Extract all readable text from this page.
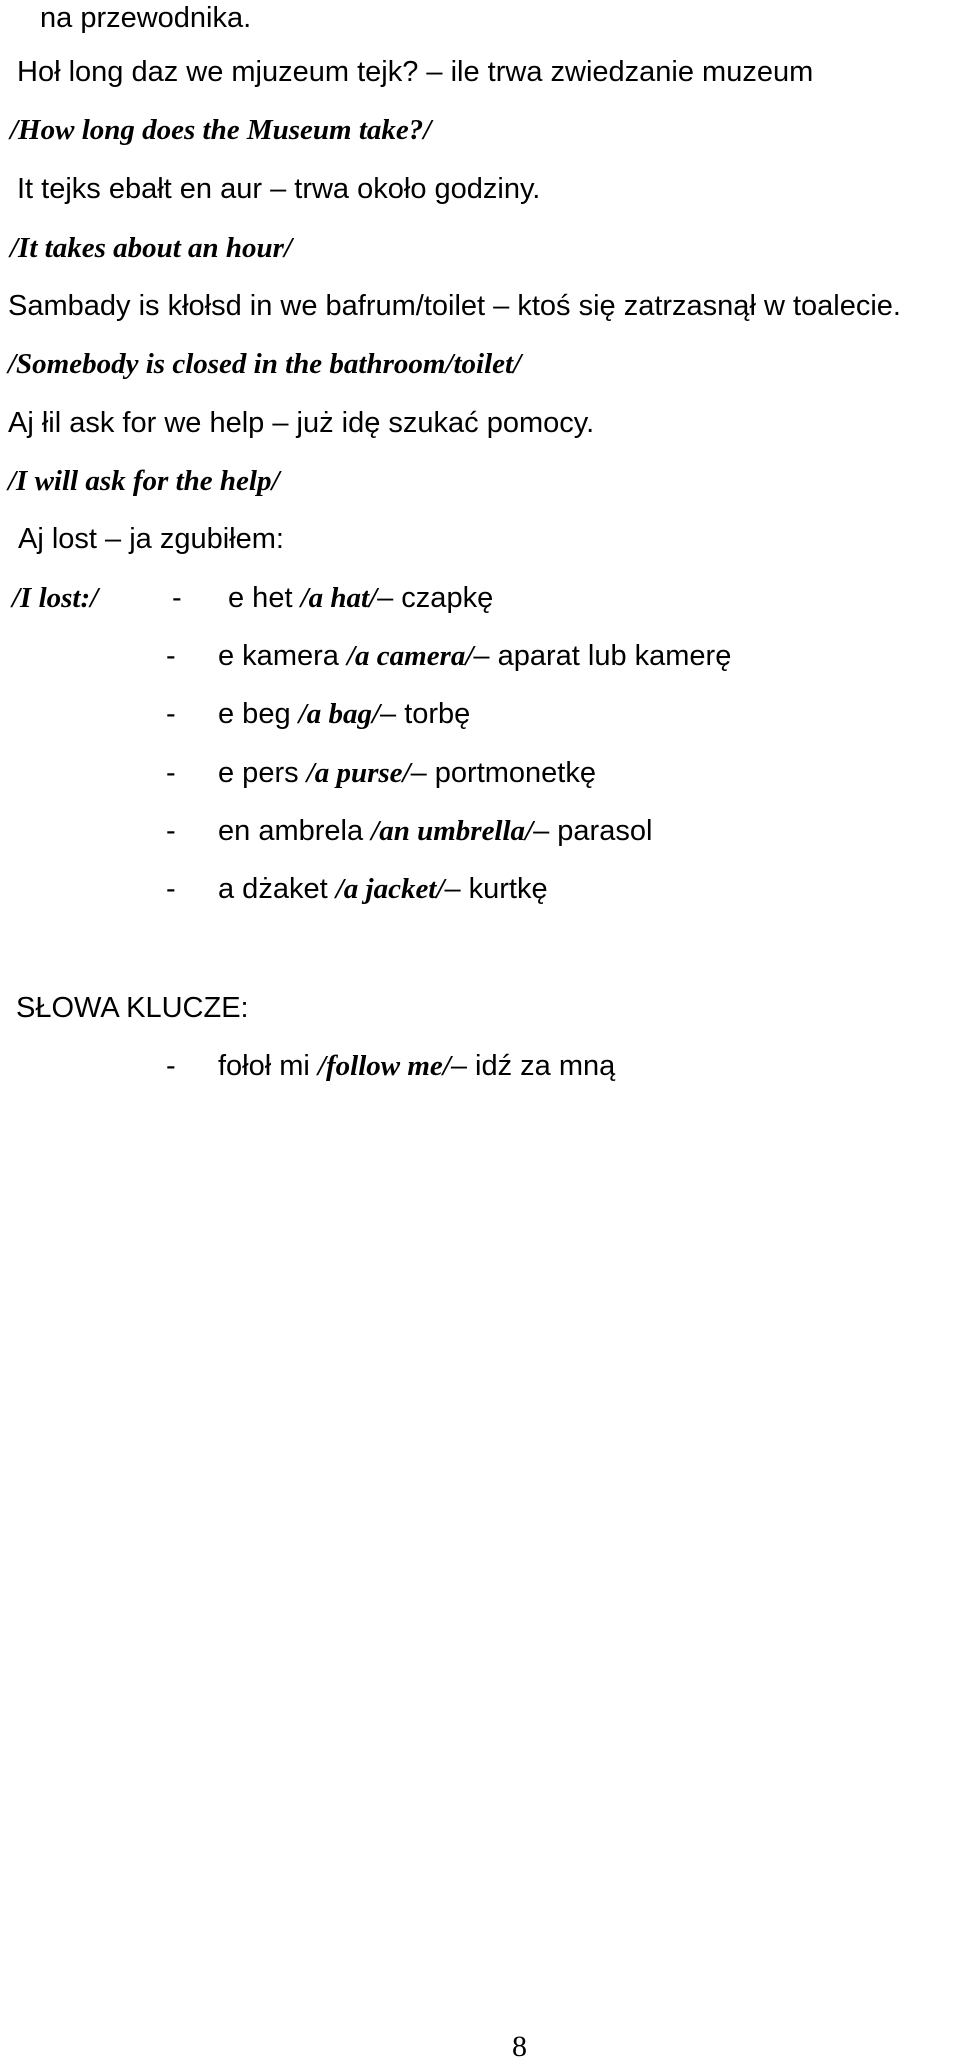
na przewodnika.
Hoł long daz we mjuzeum tejk? – ile trwa zwiedzanie muzeum
/How long does the Museum take?/
It tejks ebałt en aur – trwa około godziny.
/It takes about an hour/
Sambady is kłołsd in we bafrum/toilet – ktoś się zatrzasnął w toalecie.
/Somebody is closed in the bathroom/toilet/
Aj łil ask for we help – już idę szukać pomocy.
/I will ask for the help/
Aj lost – ja zgubiłem:
/I lost:/	- e het /a hat/– czapkę
- e kamera /a camera/– aparat lub kamerę
- e beg /a bag/– torbę
- e pers /a purse/– portmonetkę
- en ambrela /an umbrella/– parasol
- a dżaket /a jacket/– kurtkę
SŁOWA KLUCZE:
- fołoł mi /follow me/– idź za mną
8
